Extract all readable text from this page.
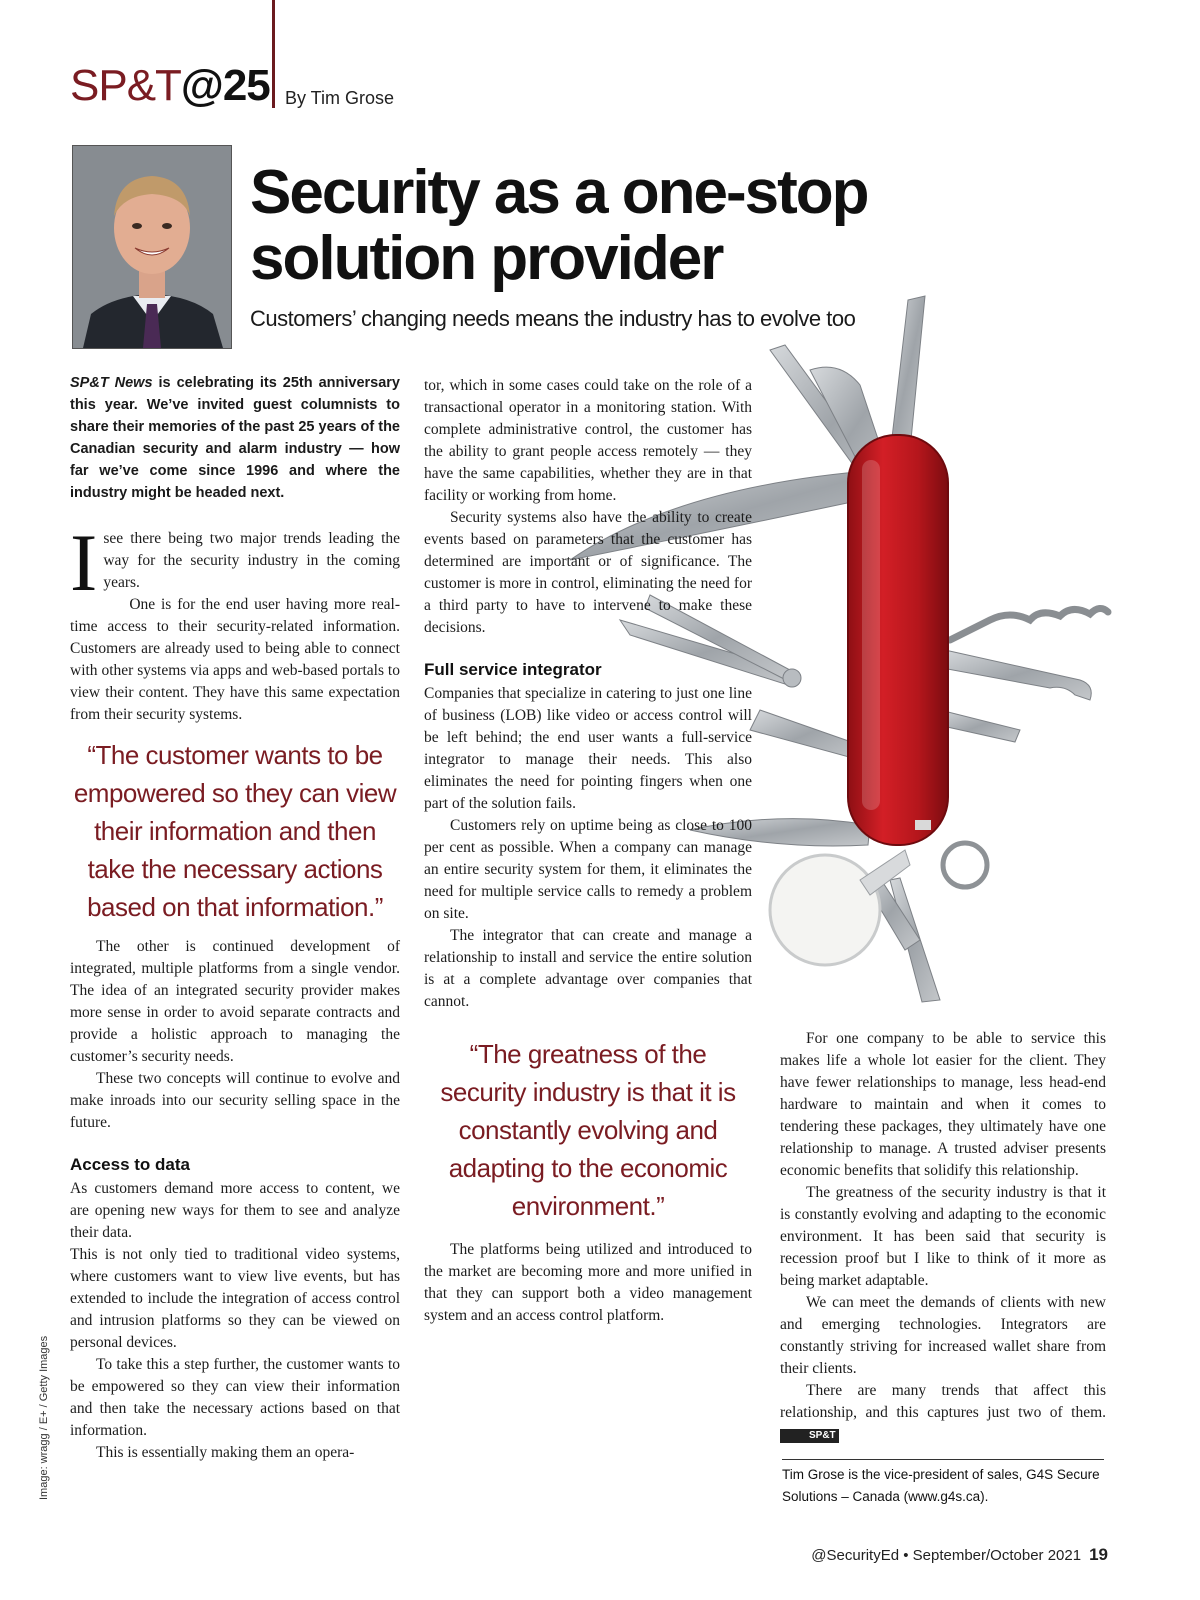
SP&T@25 By Tim Grose
Security as a one-stop
solution provider
Customers’ changing needs means the industry has to evolve too

SP&T News is celebrating its 25th anniversary this year. We’ve invited guest columnists to share their memories of the past 25 years of the Canadian security and alarm industry — how far we’ve come since 1996 and where the industry might be headed next.

Isee there being two major trends leading the way for the security industry in the coming years.

One is for the end user having more real-time access to their security-related information. Customers are already used to being able to connect with other systems via apps and web-based portals to view their content. They have this same expectation from their security systems.

“The customer wants to be empowered so they can view their information and then take the necessary actions based on that information.”

The other is continued development of integrated, multiple platforms from a single vendor. The idea of an integrated security provider makes more sense in order to avoid separate contracts and provide a holistic approach to managing the customer’s security needs.

These two concepts will continue to evolve and make inroads into our security selling space in the future.

Access to data

As customers demand more access to content, we are opening new ways for them to see and analyze their data.

This is not only tied to traditional video systems, where customers want to view live events, but has extended to include the integration of access control and intrusion platforms so they can be viewed on personal devices.

To take this a step further, the customer wants to be empowered so they can view their information and then take the necessary actions based on that information.

This is essentially making them an opera-

tor, which in some cases could take on the role of a transactional operator in a monitoring station. With complete administrative control, the customer has the ability to grant people access remotely — they have the same capabilities, whether they are in that facility or working from home.

Security systems also have the ability to create events based on parameters that the customer has determined are important or of significance. The customer is more in control, eliminating the need for a third party to have to intervene to make these decisions.

Full service integrator

Companies that specialize in catering to just one line of business (LOB) like video or access control will be left behind; the end user wants a full-service integrator to manage their needs. This also eliminates the need for pointing fingers when one part of the solution fails.

Customers rely on uptime being as close to 100 per cent as possible. When a company can manage an entire security system for them, it eliminates the need for multiple service calls to remedy a problem on site.

The integrator that can create and manage a relationship to install and service the entire solution is at a complete advantage over companies that cannot.

“The greatness of the security industry is that it is constantly evolving and adapting to the economic environment.”

The platforms being utilized and introduced to the market are becoming more and more unified in that they can support both a video management system and an access control platform.

For one company to be able to service this makes life a whole lot easier for the client. They have fewer relationships to manage, less head-end hardware to maintain and when it comes to tendering these packages, they ultimately have one relationship to manage. A trusted adviser presents economic benefits that solidify this relationship.

The greatness of the security industry is that it is constantly evolving and adapting to the economic environment. It has been said that security is recession proof but I like to think of it more as being market adaptable.

We can meet the demands of clients with new and emerging technologies. Integrators are constantly striving for increased wallet share from their clients.

There are many trends that affect this relationship, and this captures just two of them. SP&T

Tim Grose is the vice-president of sales, G4S Secure Solutions – Canada (www.g4s.ca).
Image: wragg / E+ / Getty Images
@SecurityEd • September/October 2021 19
